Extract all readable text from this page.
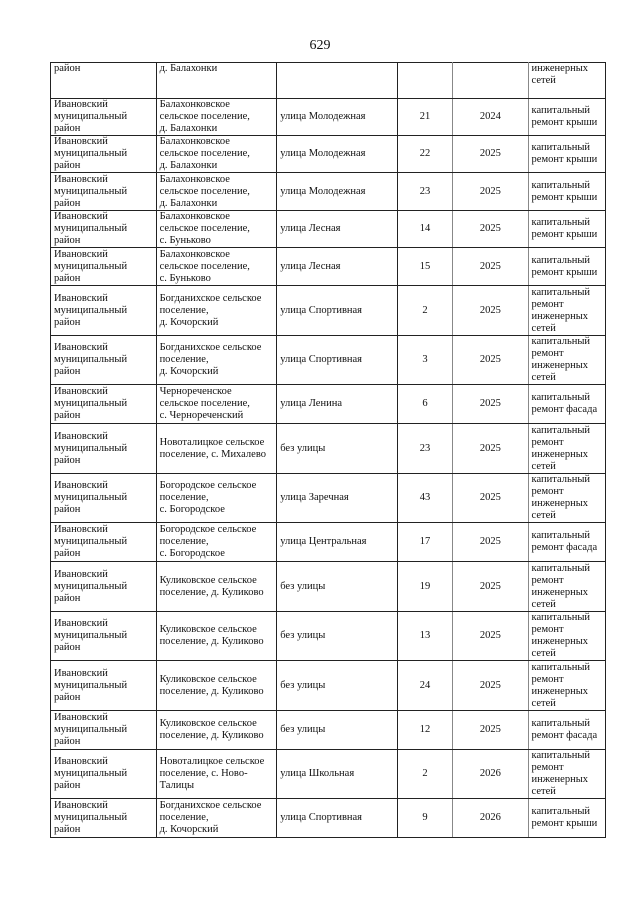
629
район	д. Балахонки				инженерных
сетей
Ивановский
муниципальный
район	Балахонковское
сельское поселение,
д. Балахонки	улица Молодежная	21	2024	капитальный
ремонт крыши
Ивановский
муниципальный
район	Балахонковское
сельское поселение,
д. Балахонки	улица Молодежная	22	2025	капитальный
ремонт крыши
Ивановский
муниципальный
район	Балахонковское
сельское поселение,
д. Балахонки	улица Молодежная	23	2025	капитальный
ремонт крыши
Ивановский
муниципальный
район	Балахонковское
сельское поселение,
с. Буньково	улица Лесная	14	2025	капитальный
ремонт крыши
Ивановский
муниципальный
район	Балахонковское
сельское поселение,
с. Буньково	улица Лесная	15	2025	капитальный
ремонт крыши
Ивановский
муниципальный
район	Богданихское сельское
поселение,
д. Кочорский	улица Спортивная	2	2025	капитальный
ремонт
инженерных
сетей
Ивановский
муниципальный
район	Богданихское сельское
поселение,
д. Кочорский	улица Спортивная	3	2025	капитальный
ремонт
инженерных
сетей
Ивановский
муниципальный
район	Чернореченское
сельское поселение,
с. Чернореченский	улица Ленина	6	2025	капитальный
ремонт фасада
Ивановский
муниципальный
район	Новоталицкое сельское
поселение, с. Михалево	без улицы	23	2025	капитальный
ремонт
инженерных
сетей
Ивановский
муниципальный
район	Богородское сельское
поселение,
с. Богородское	улица Заречная	43	2025	капитальный
ремонт
инженерных
сетей
Ивановский
муниципальный
район	Богородское сельское
поселение,
с. Богородское	улица Центральная	17	2025	капитальный
ремонт фасада
Ивановский
муниципальный
район	Куликовское сельское
поселение, д. Куликово	без улицы	19	2025	капитальный
ремонт
инженерных
сетей
Ивановский
муниципальный
район	Куликовское сельское
поселение, д. Куликово	без улицы	13	2025	капитальный
ремонт
инженерных
сетей
Ивановский
муниципальный
район	Куликовское сельское
поселение, д. Куликово	без улицы	24	2025	капитальный
ремонт
инженерных
сетей
Ивановский
муниципальный
район	Куликовское сельское
поселение, д. Куликово	без улицы	12	2025	капитальный
ремонт фасада
Ивановский
муниципальный
район	Новоталицкое сельское
поселение, с. Ново-
Талицы	улица Школьная	2	2026	капитальный
ремонт
инженерных
сетей
Ивановский
муниципальный
район	Богданихское сельское
поселение,
д. Кочорский	улица Спортивная	9	2026	капитальный
ремонт крыши
